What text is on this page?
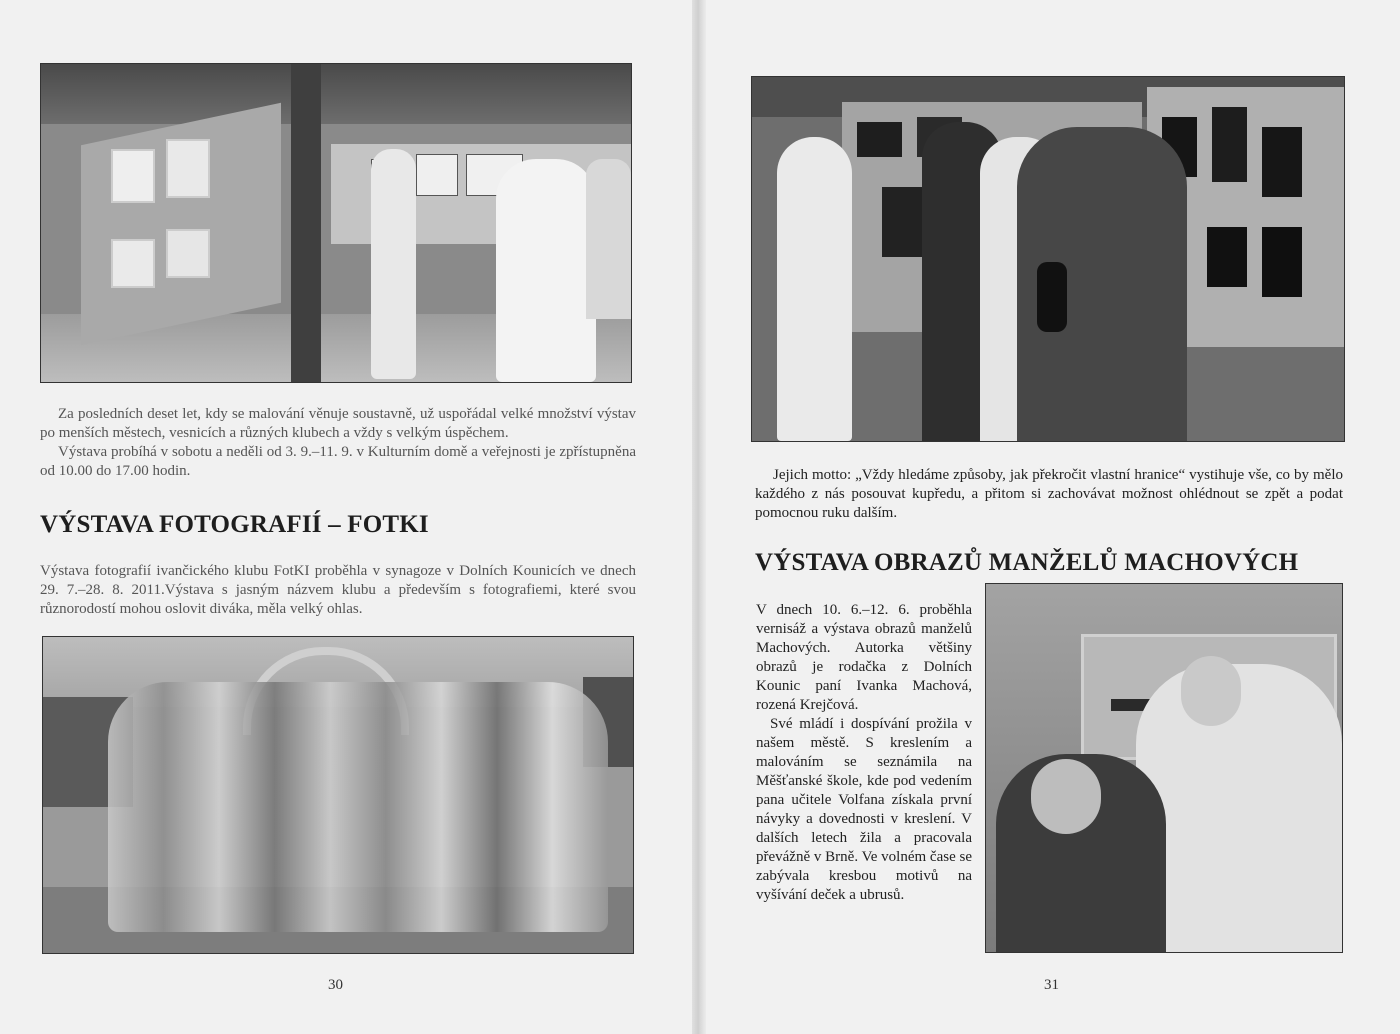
Za posledních deset let, kdy se malování věnuje soustavně, už uspořádal velké množství výstav po menších městech, vesnicích a různých klubech a vždy s velkým úspěchem.

Výstava probíhá v sobotu a neděli od 3. 9.–11. 9. v Kulturním domě a veřejnosti je zpřístupněna od 10.00 do 17.00 hodin.

VÝSTAVA FOTOGRAFIÍ – FOTKI

Výstava fotografií ivančického klubu FotKI proběhla v synagoze v Dolních Kounicích ve dnech 29. 7.–28. 8. 2011.Výstava s jasným názvem klubu a především s fotografiemi, které svou různorodostí mohou oslovit diváka, měla velký ohlas.

30

Jejich motto: „Vždy hledáme způsoby, jak překročit vlastní hranice“ vystihuje vše, co by mělo každého z nás posouvat kupředu, a přitom si zachovávat možnost ohlédnout se zpět a podat pomocnou ruku dalším.

VÝSTAVA OBRAZŮ MANŽELŮ MACHOVÝCH

V dnech 10. 6.–12. 6. proběhla vernisáž a výstava obrazů manželů Machových. Autorka většiny obrazů je rodačka z Dolních Kounic paní Ivanka Machová, rozená Krejčová.

Své mládí i dospívání prožila v našem městě. S kreslením a malováním se seznámila na Měšťanské škole, kde pod vedením pana učitele Volfana získala první návyky a dovednosti v kreslení. V dalších letech žila a pracovala převážně v Brně. Ve volném čase se zabývala kresbou motivů na vyšívání deček a ubrusů.

31
